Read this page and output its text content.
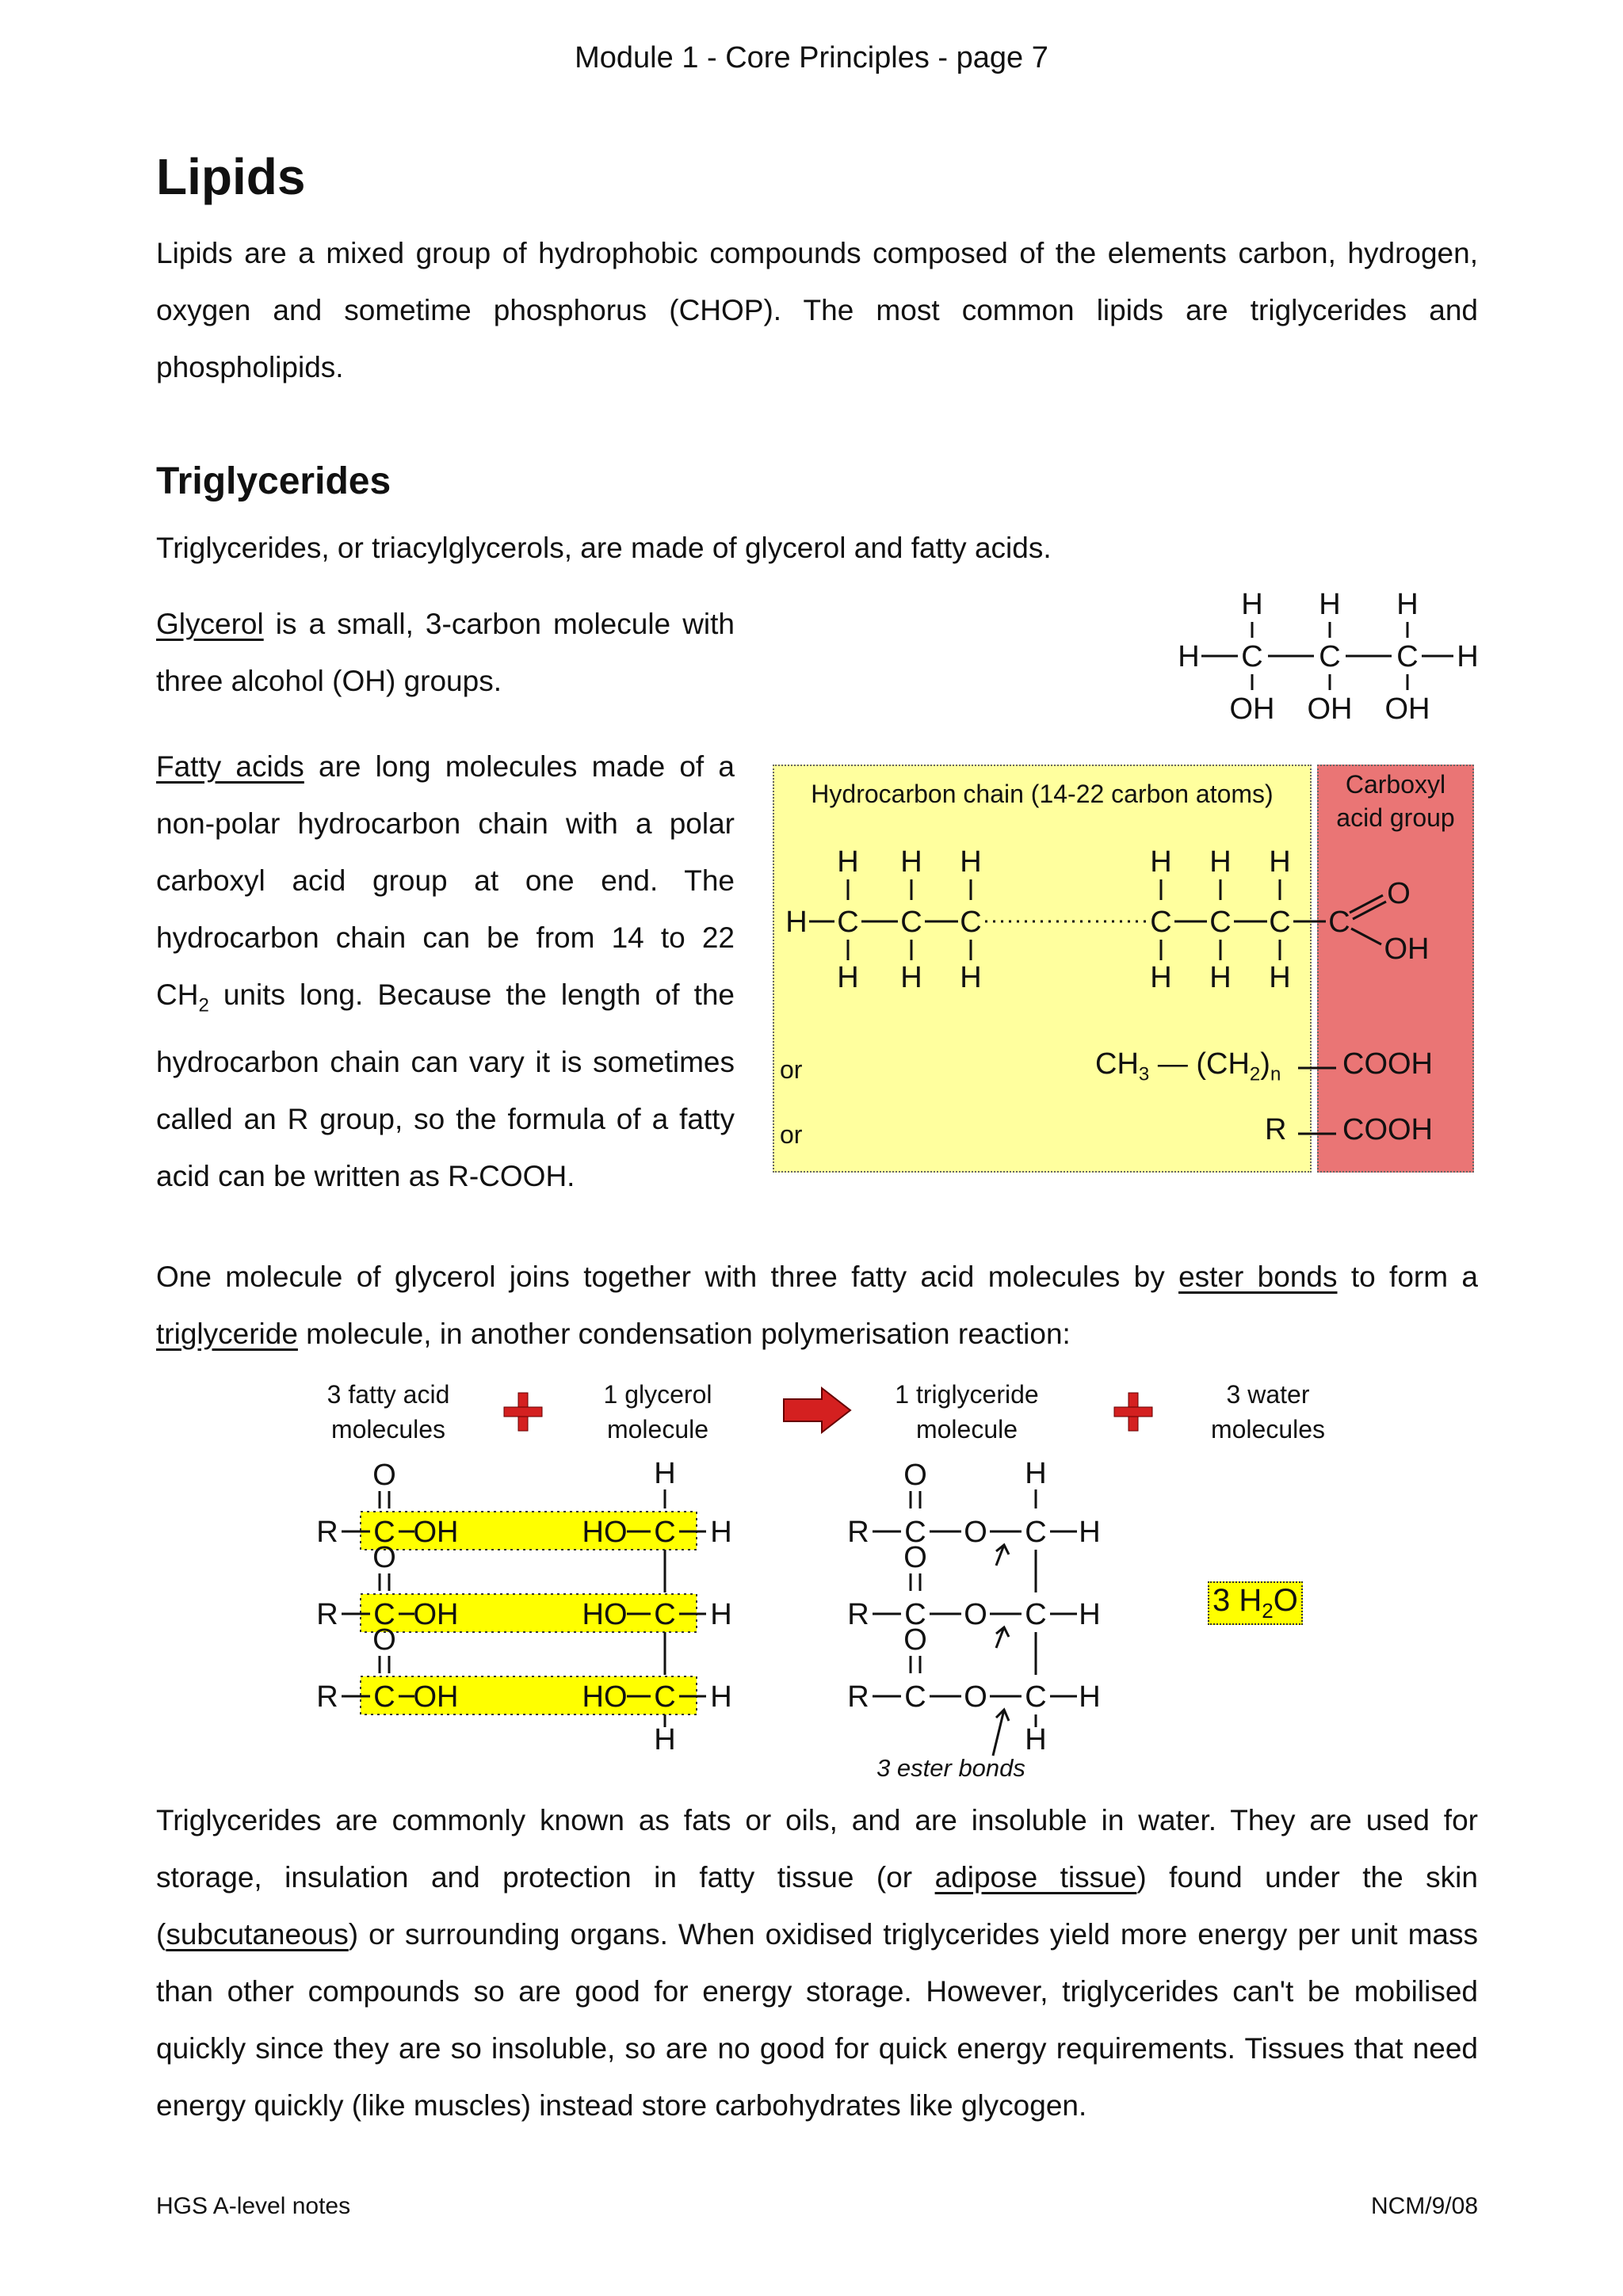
Module 1 - Core Principles - page 7
Lipids

Lipids are a mixed group of hydrophobic compounds composed of the elements carbon, hydrogen, oxygen and sometime phosphorus (CHOP). The most common lipids are triglycerides and phospholipids.

Triglycerides

Triglycerides, or triacylglycerols, are made of glycerol and fatty acids.

Glycerol is a small, 3-carbon molecule with three alcohol (OH) groups.

Fatty acids are long molecules made of a non-polar hydrocarbon chain with a polar carboxyl acid group at one end. The hydrocarbon chain can be from 14 to 22 $CH_2$ units long. Because the length of the hydrocarbon chain can vary it is sometimes called an R group, so the formula of a fatty acid can be written as R-COOH.

H H H
H C C C H
OH OH OH
Hydrocarbon chain (14-22 carbon atoms)	Carboxyl
acid group
H H H	H H H
H C C C	C C C C
O
OH
H H H	H H H
or
or
$CH_3$ — $(CH_2)_n$ COOH
R COOH

One molecule of glycerol joins together with three fatty acid molecules by ester bonds to form a triglyceride molecule, in another condensation polymerisation reaction:

3 fatty acid
molecules
1 glycerol
molecule
1 triglyceride
molecule
3 water
molecules
O
O
O
R C OH
R C OH
R C OH
HO C H
HO C H
HO C H
H
H
O
O
O
R C O C H
R C O C H
R C O C H
H
H
3 ester bonds
3 $H_2O$

Triglycerides are commonly known as fats or oils, and are insoluble in water. They are used for storage, insulation and protection in fatty tissue (or adipose tissue) found under the skin (subcutaneous) or surrounding organs. When oxidised triglycerides yield more energy per unit mass than other compounds so are good for energy storage. However, triglycerides can't be mobilised quickly since they are so insoluble, so are no good for quick energy requirements. Tissues that need energy quickly (like muscles) instead store carbohydrates like glycogen.

HGS A-level notes	NCM/9/08
